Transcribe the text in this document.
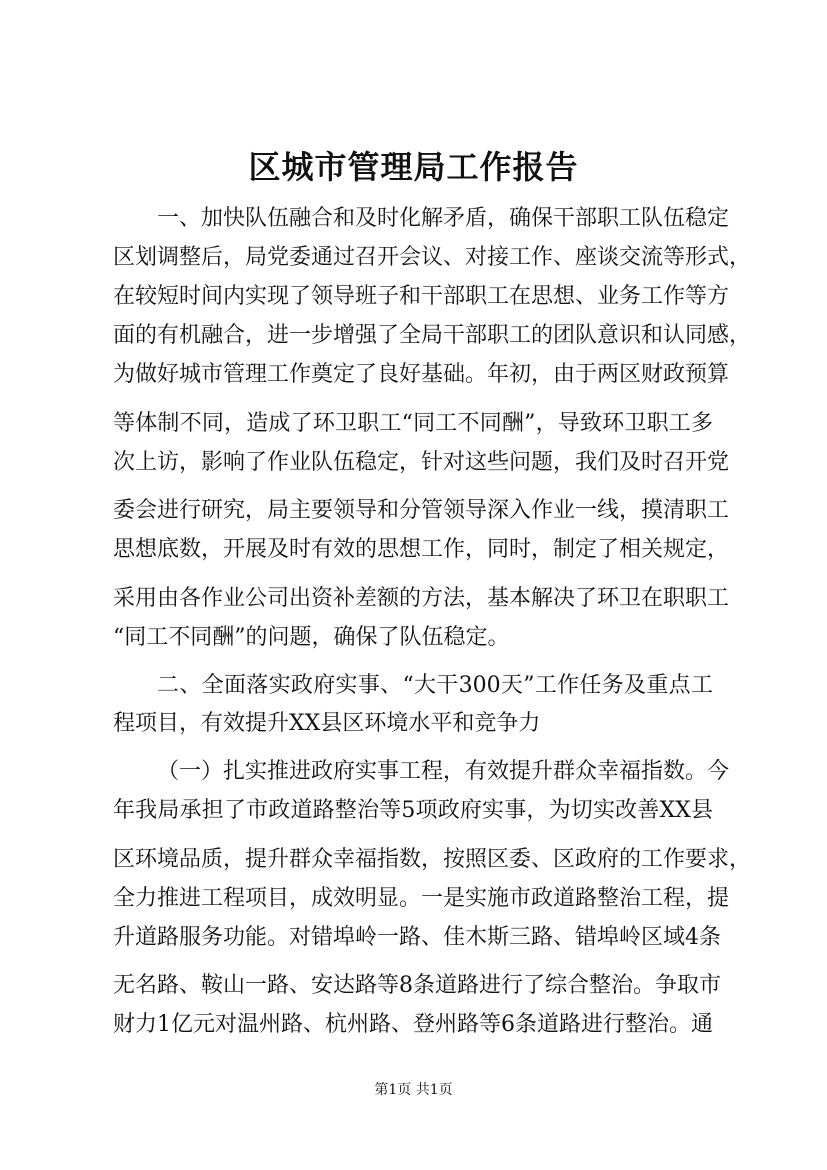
区城市管理局工作报告
一、加快队伍融合和及时化解矛盾，确保干部职工队伍稳定
区划调整后，局党委通过召开会议、对接工作、座谈交流等形式，
在较短时间内实现了领导班子和干部职工在思想、业务工作等方
面的有机融合，进一步增强了全局干部职工的团队意识和认同感，
为做好城市管理工作奠定了良好基础。年初，由于两区财政预算
等体制不同，造成了环卫职工“同工不同酬”，导致环卫职工多
次上访，影响了作业队伍稳定，针对这些问题，我们及时召开党
委会进行研究，局主要领导和分管领导深入作业一线，摸清职工
思想底数，开展及时有效的思想工作，同时，制定了相关规定，
采用由各作业公司出资补差额的方法，基本解决了环卫在职职工
“同工不同酬”的问题，确保了队伍稳定。
二、全面落实政府实事、“大干300天”工作任务及重点工
程项目，有效提升XX县区环境水平和竞争力
（一）扎实推进政府实事工程，有效提升群众幸福指数。今
年我局承担了市政道路整治等5项政府实事，为切实改善XX县
区环境品质，提升群众幸福指数，按照区委、区政府的工作要求，
全力推进工程项目，成效明显。一是实施市政道路整治工程，提
升道路服务功能。对错埠岭一路、佳木斯三路、错埠岭区域4条
无名路、鞍山一路、安达路等8条道路进行了综合整治。争取市
财力1亿元对温州路、杭州路、登州路等6条道路进行整治。通
第1页 共1页
